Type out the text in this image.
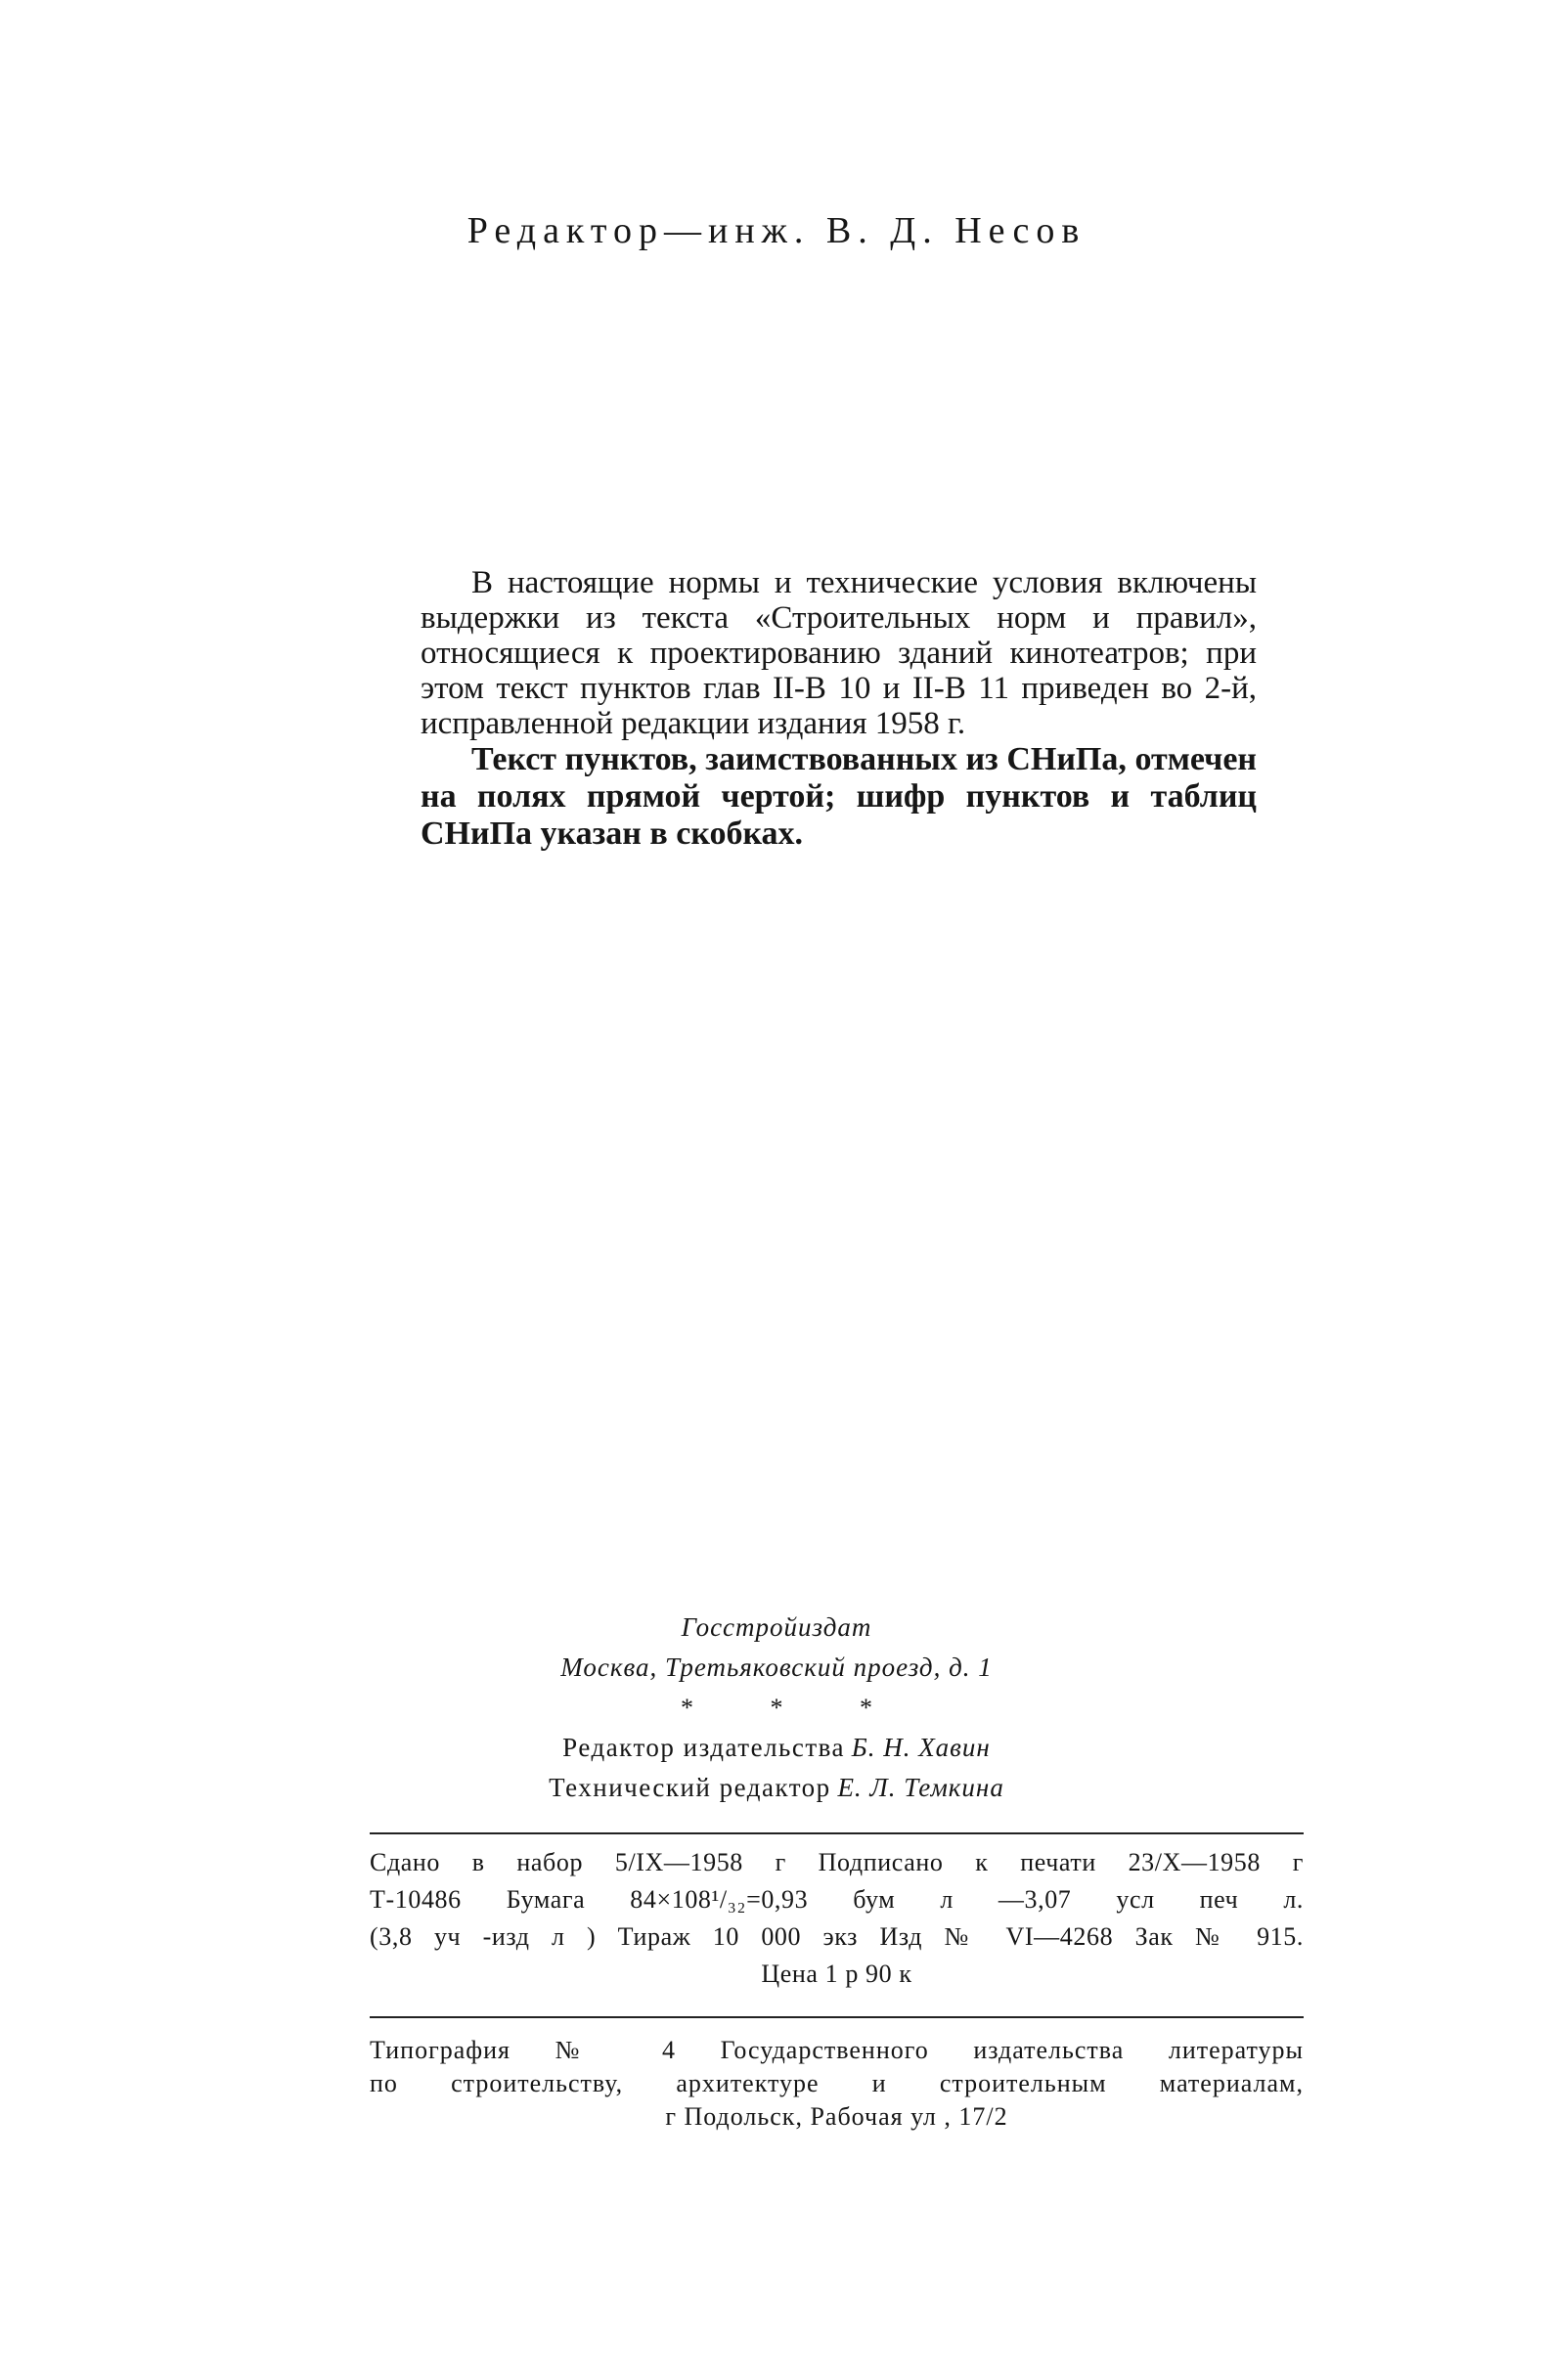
Редактор—инж. В. Д. Несов

В настоящие нормы и технические условия включены выдержки из текста «Строительных норм и правил», относящиеся к проектированию зданий кинотеатров; при этом текст пунктов глав II-В 10 и II-В 11 приведен во 2-й, исправленной редакции издания 1958 г.

Текст пунктов, заимствованных из СНиПа, отмечен на полях прямой чертой; шифр пунктов и таблиц СНиПа указан в скобках.

Госстройиздат
Москва, Третьяковский проезд, д. 1
* * *
Редактор издательства Б. Н. Хавин
Технический редактор Е. Л. Темкина
Сдано в набор 5/IX—1958 г Подписано к печати 23/X—1958 г
Т-10486 Бумага 84×108¹/₃₂=0,93 бум л —3,07 усл печ л.
(3,8 уч -изд л ) Тираж 10 000 экз Изд № VI—4268 Зак № 915.
Цена 1 р 90 к
Типография № 4 Государственного издательства литературы
по строительству, архитектуре и строительным материалам,
г Подольск, Рабочая ул , 17/2
